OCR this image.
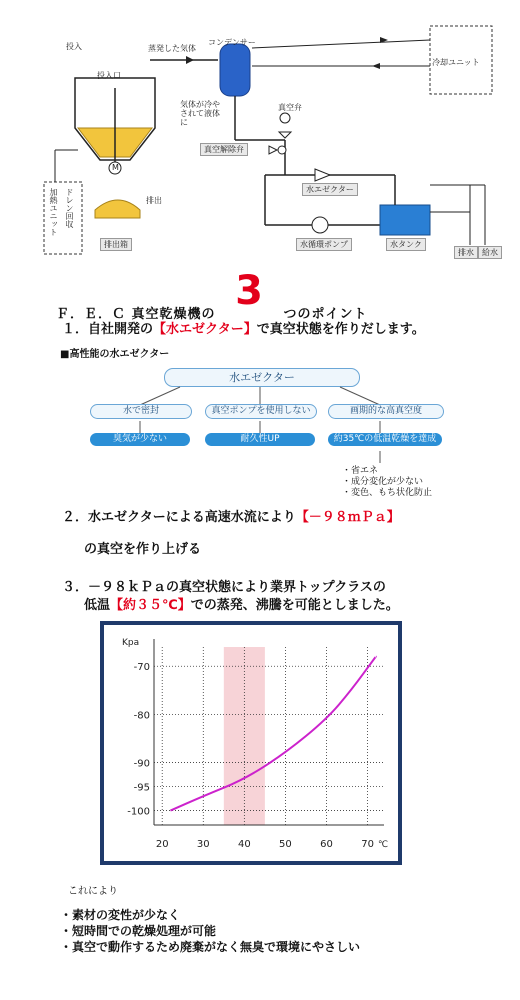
投入
投入口
蒸発した気体
コンデンサー
冷却ユニット
気体が冷やされて液体に
真空弁
真空解除弁
水エゼクター
水循環ポンプ	水タンク
排水	給水
排出
排出箱
加熱ユニット ドレン回収
M
Ｆ．Ｅ．Ｃ 真空乾燥機の 3 つのポイント
１．自社開発の【水エゼクター】で真空状態を作りだします。
■高性能の水エゼクター
水エゼクター
水で密封	真空ポンプを使用しない	画期的な高真空度
臭気が少ない	耐久性UP	約35℃の低温乾燥を達成
・省エネ
・成分変化が少ない
・変色、もち状化防止
２．水エゼクターによる高速水流により【－９８ｍＰａ】
の真空を作り上げる
３．－９８ｋＰａの真空状態により業界トップクラスの
低温【約３５℃】での蒸発、沸騰を可能としました。
20	30	40	50	60	70
-70
-80
-90
-95
-100
Kpa
℃
これにより
・素材の変性が少なく
・短時間での乾燥処理が可能
・真空で動作するため廃棄がなく無臭で環境にやさしい
